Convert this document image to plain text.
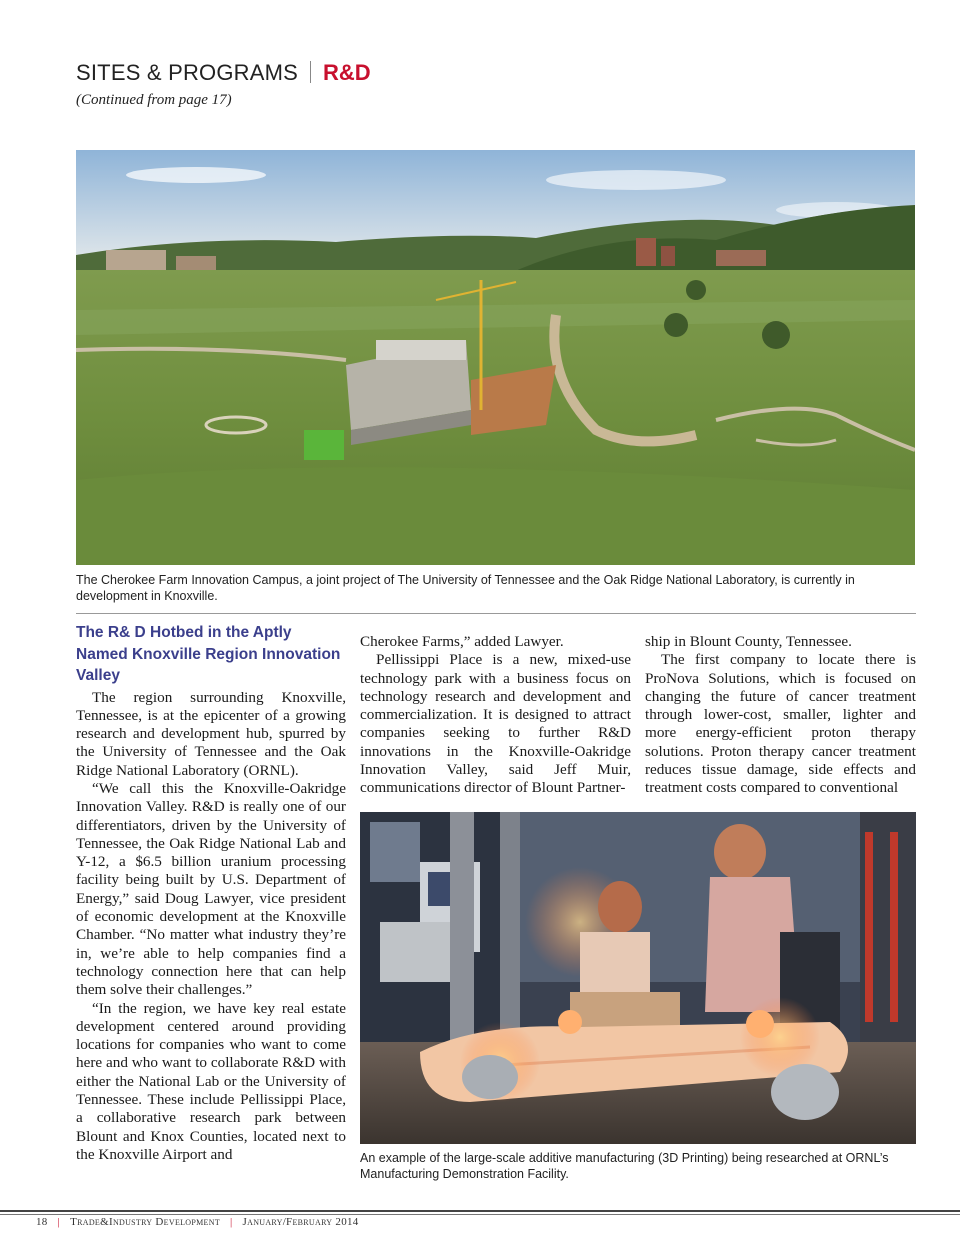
SITES & PROGRAMS R&D
(Continued from page 17)
The Cherokee Farm Innovation Campus, a joint project of The University of Tennessee and the Oak Ridge National Laboratory, is currently in development in Knoxville.
The R& D Hotbed in the Aptly Named Knoxville Region Innovation Valley

The region surrounding Knoxville, Tennessee, is at the epicenter of a growing research and development hub, spurred by the University of Tennessee and the Oak Ridge National Laboratory (ORNL).

“We call this the Knoxville-Oakridge Innovation Valley. R&D is really one of our differentiators, driven by the University of Tennessee, the Oak Ridge National Lab and Y-12, a $6.5 billion uranium processing facility being built by U.S. Department of Energy,” said Doug Lawyer, vice president of economic development at the Knoxville Chamber. “No matter what industry they’re in, we’re able to help companies find a technology connection here that can help them solve their challenges.”

“In the region, we have key real estate development centered around providing locations for companies who want to come here and who want to collaborate R&D with either the National Lab or the University of Tennessee. These include Pellissippi Place, a collaborative research park between Blount and Knox Counties, located next to the Knoxville Airport and

Cherokee Farms,” added Lawyer.

Pellissippi Place is a new, mixed-use technology park with a business focus on technology research and development and commercialization. It is designed to attract companies seeking to further R&D innovations in the Knoxville-Oakridge Innovation Valley, said Jeff Muir, communications director of Blount Partner-

ship in Blount County, Tennessee.

The first company to locate there is ProNova Solutions, which is focused on changing the future of cancer treatment through lower-cost, smaller, lighter and more energy-efficient proton therapy solutions. Proton therapy cancer treatment reduces tissue damage, side effects and treatment costs compared to conventional

An example of the large-scale additive manufacturing (3D Printing) being researched at ORNL’s Manufacturing Demonstration Facility.
18 | Trade&Industry Development | January/February 2014
